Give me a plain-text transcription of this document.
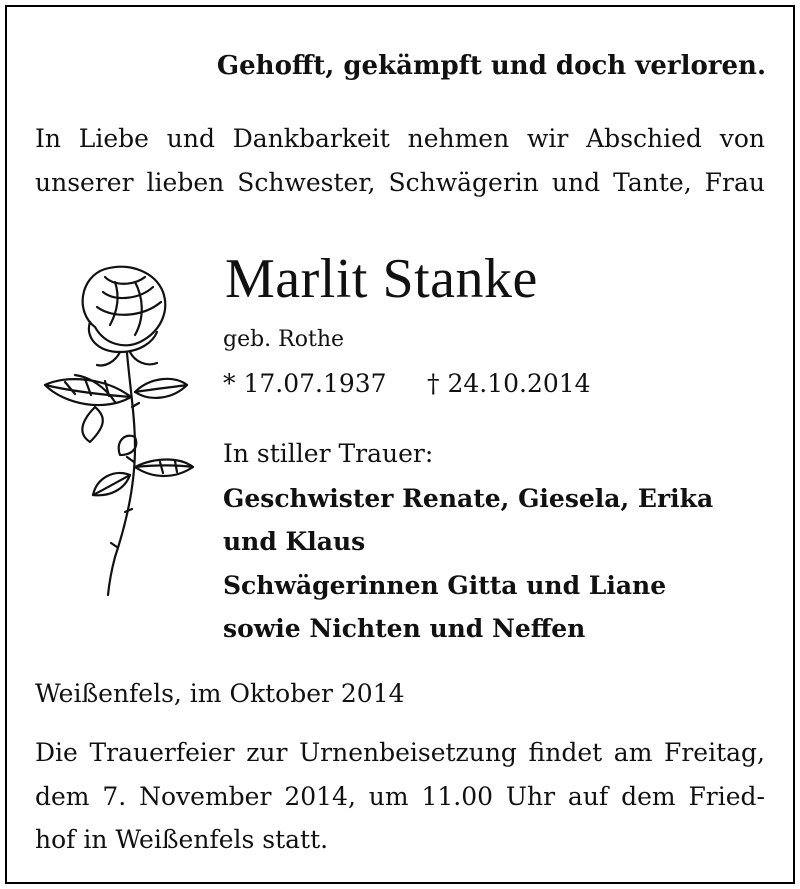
Gehofft, gekämpft und doch verloren.
In Liebe und Dankbarkeit nehmen wir Abschied von
unserer lieben Schwester, Schwägerin und Tante, Frau
Marlit Stanke
geb. Rothe
* 17.07.1937 † 24.10.2014
In stiller Trauer:
Geschwister Renate, Giesela, Erika
und Klaus
Schwägerinnen Gitta und Liane
sowie Nichten und Neffen
Weißenfels, im Oktober 2014
Die Trauerfeier zur Urnenbeisetzung findet am Freitag,
dem 7. November 2014, um 11.00 Uhr auf dem Fried-
hof in Weißenfels statt.
